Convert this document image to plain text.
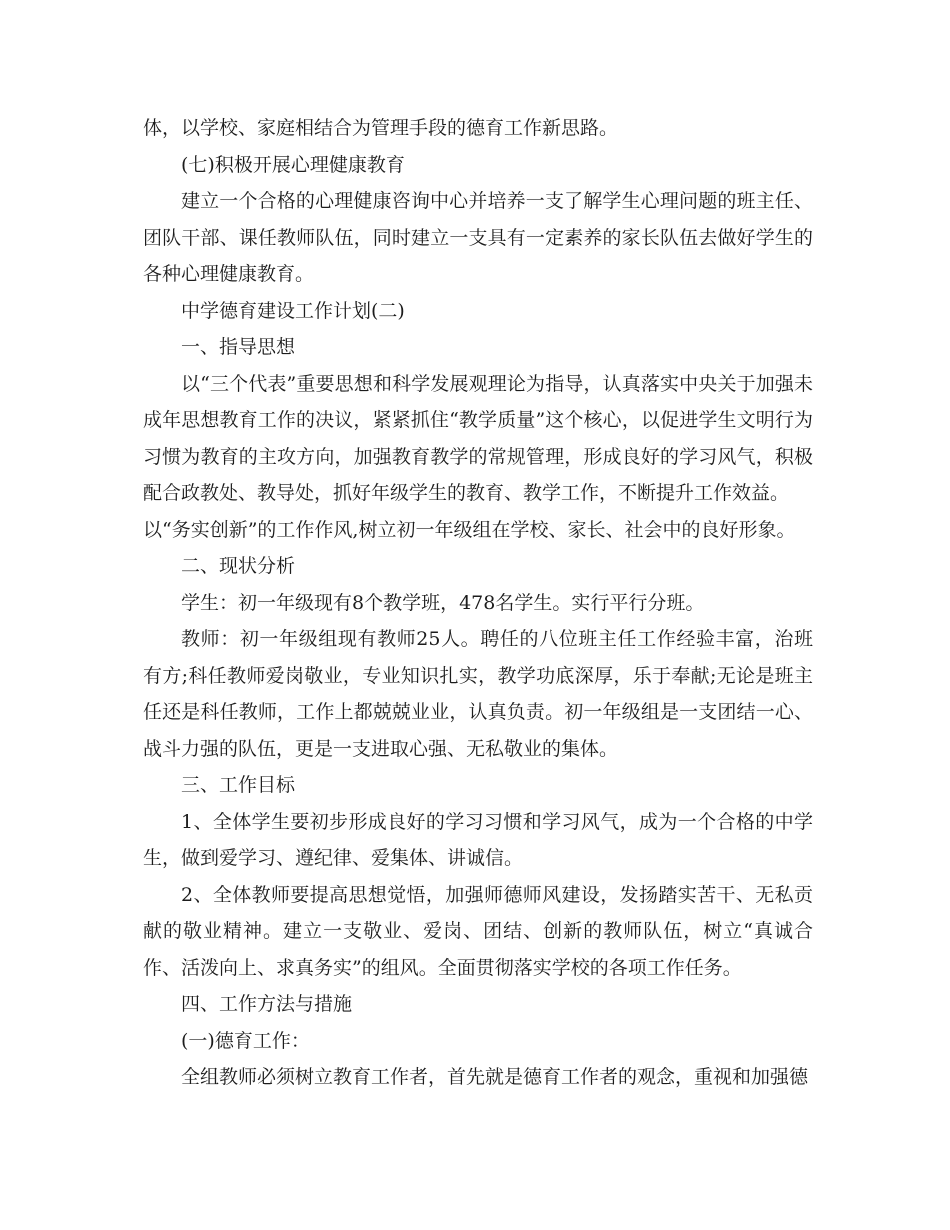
体，以学校、家庭相结合为管理手段的德育工作新思路。

(七)积极开展心理健康教育

建立一个合格的心理健康咨询中心并培养一支了解学生心理问题的班主任、团队干部、课任教师队伍，同时建立一支具有一定素养的家长队伍去做好学生的各种心理健康教育。

中学德育建设工作计划(二)

一、指导思想

以“三个代表”重要思想和科学发展观理论为指导，认真落实中央关于加强未成年思想教育工作的决议，紧紧抓住“教学质量”这个核心，以促进学生文明行为习惯为教育的主攻方向，加强教育教学的常规管理，形成良好的学习风气，积极配合政教处、教导处，抓好年级学生的教育、教学工作，不断提升工作效益。

以“务实创新”的工作作风,树立初一年级组在学校、家长、社会中的良好形象。

二、现状分析

学生：初一年级现有8个教学班，478名学生。实行平行分班。

教师：初一年级组现有教师25人。聘任的八位班主任工作经验丰富，治班有方;科任教师爱岗敬业，专业知识扎实，教学功底深厚，乐于奉献;无论是班主任还是科任教师，工作上都兢兢业业，认真负责。初一年级组是一支团结一心、战斗力强的队伍，更是一支进取心强、无私敬业的集体。

三、工作目标

1、全体学生要初步形成良好的学习习惯和学习风气，成为一个合格的中学生，做到爱学习、遵纪律、爱集体、讲诚信。

2、全体教师要提高思想觉悟，加强师德师风建设，发扬踏实苦干、无私贡献的敬业精神。建立一支敬业、爱岗、团结、创新的教师队伍，树立“真诚合作、活泼向上、求真务实”的组风。全面贯彻落实学校的各项工作任务。

四、工作方法与措施

(一)德育工作：

全组教师必须树立教育工作者，首先就是德育工作者的观念，重视和加强德
